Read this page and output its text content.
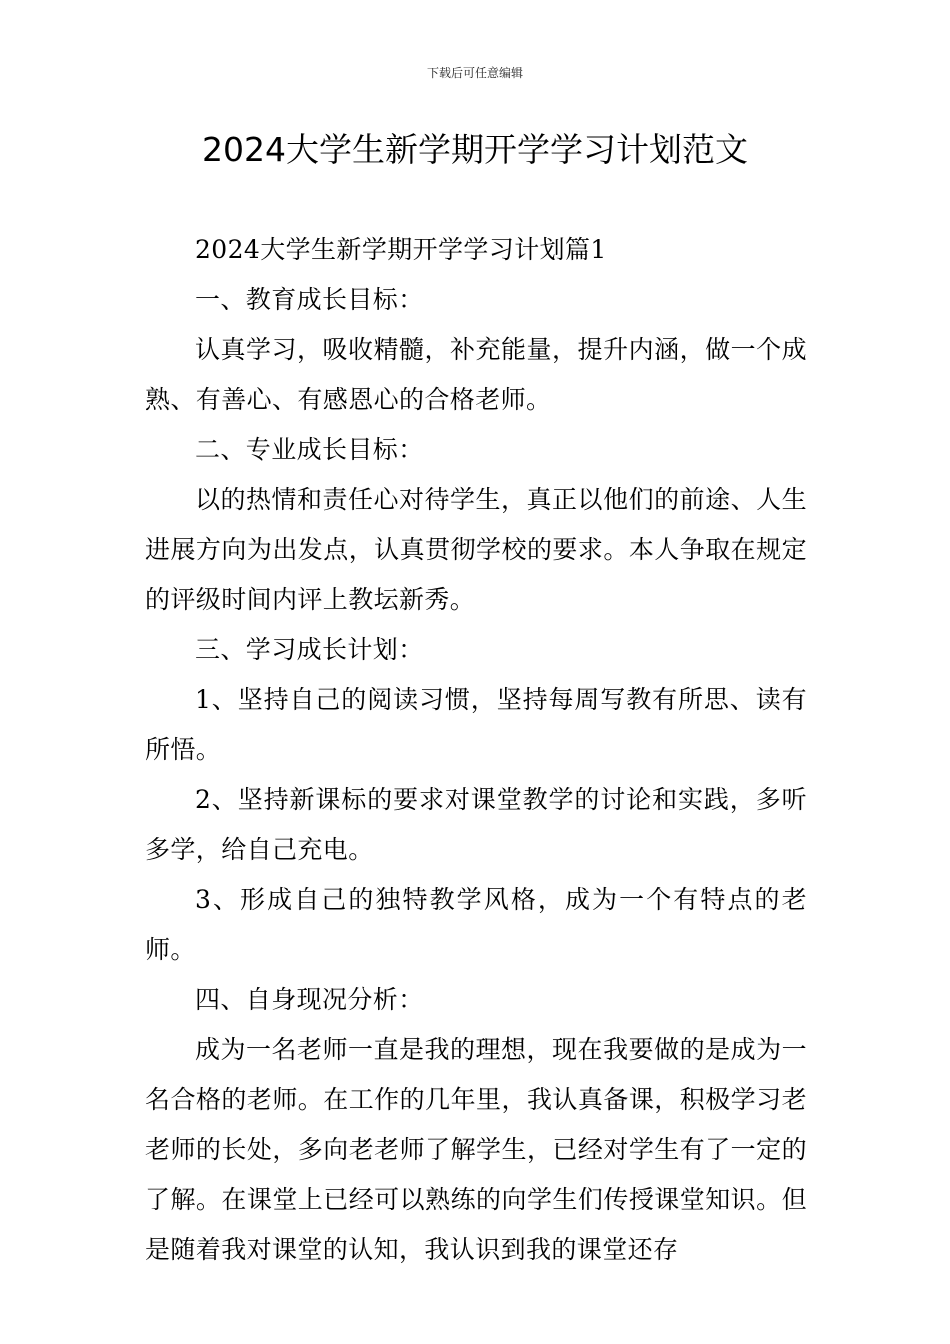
下载后可任意编辑
2024大学生新学期开学学习计划范文

2024大学生新学期开学学习计划篇1

一、教育成长目标：

认真学习，吸收精髓，补充能量，提升内涵，做一个成熟、有善心、有感恩心的合格老师。

二、专业成长目标：

以的热情和责任心对待学生，真正以他们的前途、人生进展方向为出发点，认真贯彻学校的要求。本人争取在规定的评级时间内评上教坛新秀。

三、学习成长计划：

1、坚持自己的阅读习惯，坚持每周写教有所思、读有所悟。

2、坚持新课标的要求对课堂教学的讨论和实践，多听多学，给自己充电。

3、形成自己的独特教学风格，成为一个有特点的老师。

四、自身现况分析：

成为一名老师一直是我的理想，现在我要做的是成为一名合格的老师。在工作的几年里，我认真备课，积极学习老老师的长处，多向老老师了解学生，已经对学生有了一定的了解。在课堂上已经可以熟练的向学生们传授课堂知识。但是随着我对课堂的认知，我认识到我的课堂还存
